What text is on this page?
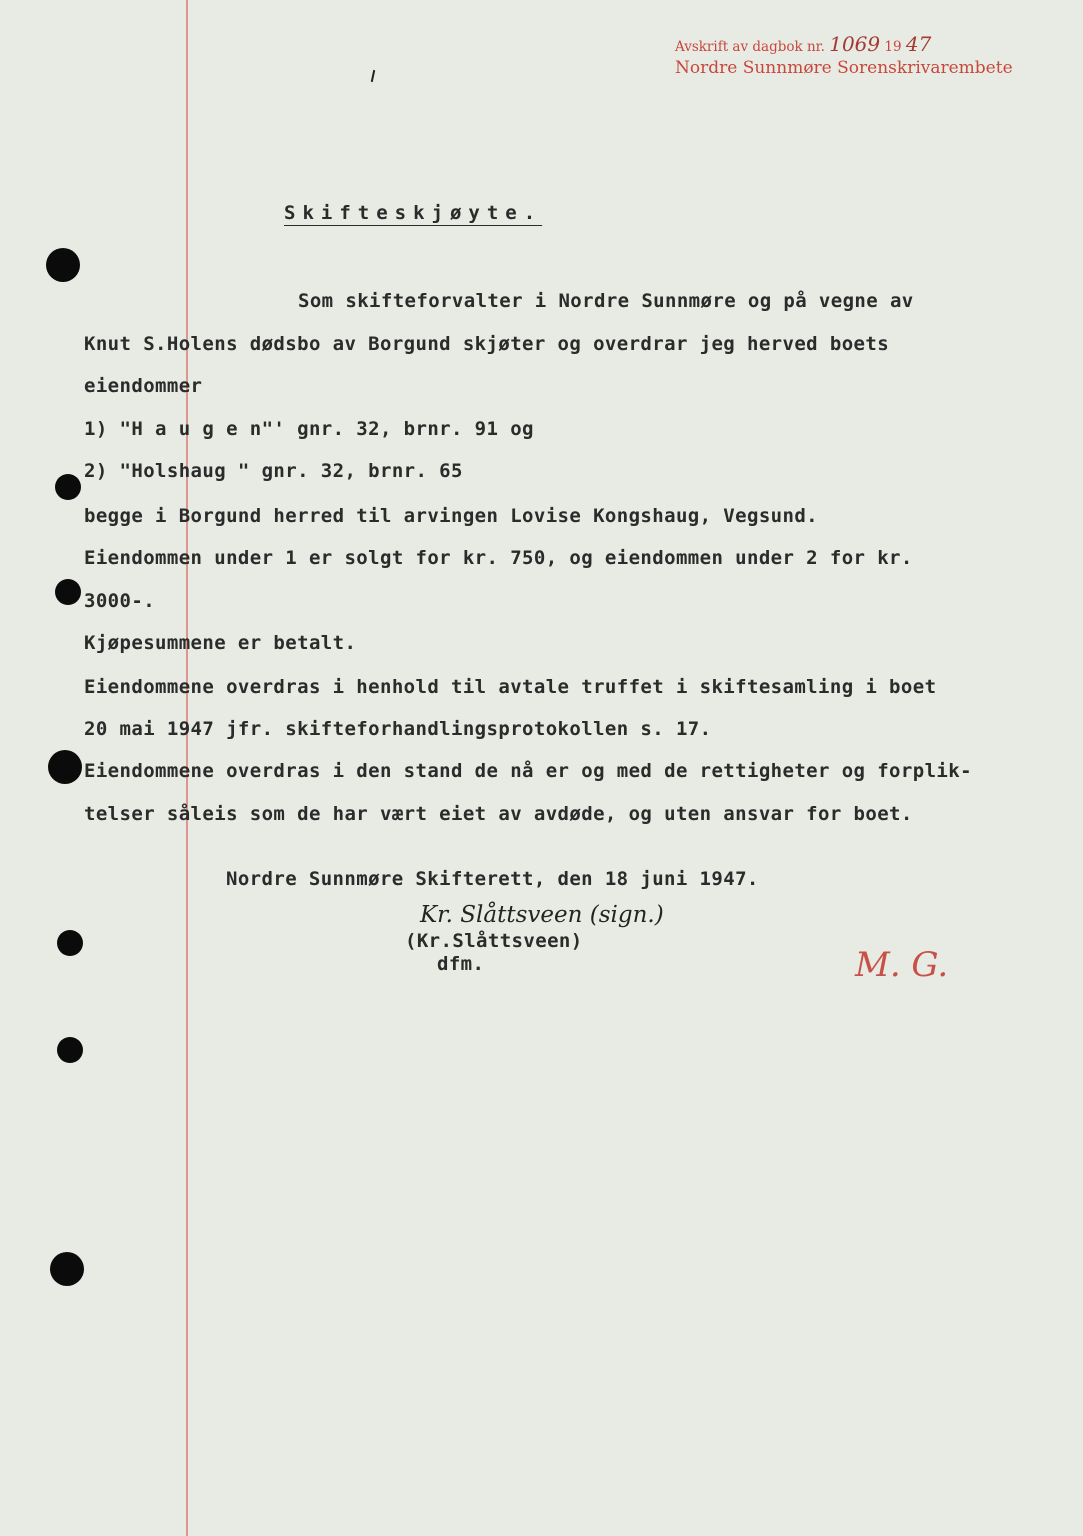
Avskrift av dagbok nr. 1069 19 47
Nordre Sunnmøre Sorenskrivarembete
Skifteskjøyte.
Som skifteforvalter i Nordre Sunnmøre og på vegne av
Knut S.Holens dødsbo av Borgund skjøter og overdrar jeg herved boets
eiendommer
1) "H a u g e n"' gnr. 32, brnr. 91 og
2) "Holshaug " gnr. 32, brnr. 65
begge i Borgund herred til arvingen Lovise Kongshaug, Vegsund.
Eiendommen under 1 er solgt for kr. 750, og eiendommen under 2 for kr.
3000-.
Kjøpesummene er betalt.
Eiendommene overdras i henhold til avtale truffet i skiftesamling i boet
20 mai 1947 jfr. skifteforhandlingsprotokollen s. 17.
Eiendommene overdras i den stand de nå er og med de rettigheter og forplik-
telser såleis som de har vært eiet av avdøde, og uten ansvar for boet.
Nordre Sunnmøre Skifterett, den 18 juni 1947.
Kr. Slåttsveen (sign.)
(Kr.Slåttsveen)
dfm.	M. G.
